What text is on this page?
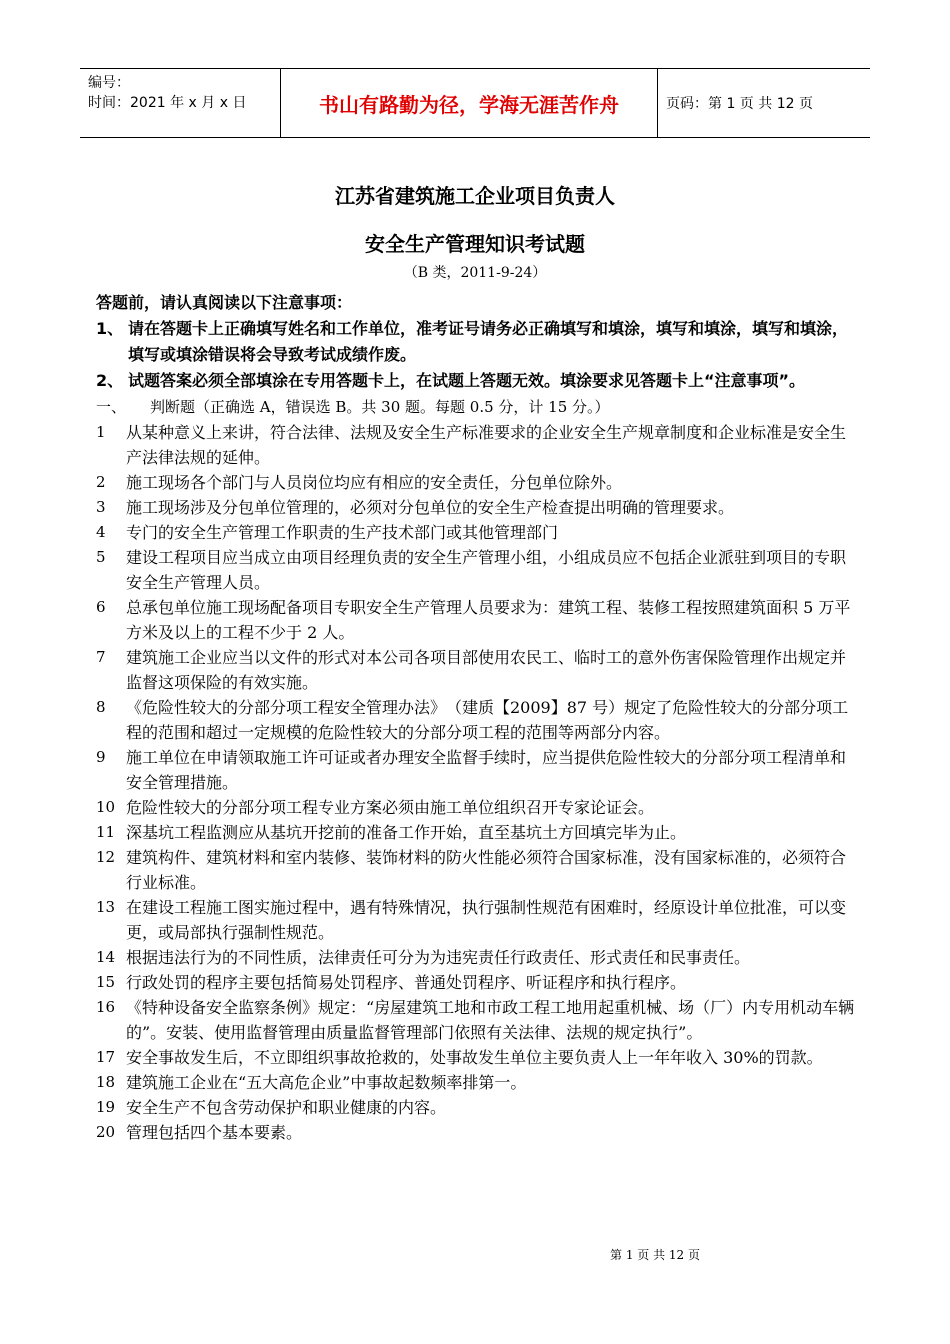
编号：
时间：2021 年 x 月 x 日	书山有路勤为径，学海无涯苦作舟	页码：第 1 页 共 12 页
江苏省建筑施工企业项目负责人
安全生产管理知识考试题
（B 类，2011-9-24）
答题前，请认真阅读以下注意事项：
1、 请在答题卡上正确填写姓名和工作单位，准考证号请务必正确填写和填涂，填写和填涂，填写和填涂，填写或填涂错误将会导致考试成绩作废。
2、 试题答案必须全部填涂在专用答题卡上，在试题上答题无效。填涂要求见答题卡上“注意事项”。
一、 判断题（正确选 A，错误选 B。共 30 题。每题 0.5 分，计 15 分。）
1 从某种意义上来讲，符合法律、法规及安全生产标准要求的企业安全生产规章制度和企业标准是安全生产法律法规的延伸。
2 施工现场各个部门与人员岗位均应有相应的安全责任，分包单位除外。
3 施工现场涉及分包单位管理的，必须对分包单位的安全生产检查提出明确的管理要求。
4 专门的安全生产管理工作职责的生产技术部门或其他管理部门
5 建设工程项目应当成立由项目经理负责的安全生产管理小组，小组成员应不包括企业派驻到项目的专职安全生产管理人员。
6 总承包单位施工现场配备项目专职安全生产管理人员要求为：建筑工程、装修工程按照建筑面积 5 万平方米及以上的工程不少于 2 人。
7 建筑施工企业应当以文件的形式对本公司各项目部使用农民工、临时工的意外伤害保险管理作出规定并监督这项保险的有效实施。
8 《危险性较大的分部分项工程安全管理办法》　（建质【2009】87 号）规定了危险性较大的分部分项工程的范围和超过一定规模的危险性较大的分部分项工程的范围等两部分内容。
9 施工单位在申请领取施工许可证或者办理安全监督手续时，应当提供危险性较大的分部分项工程清单和安全管理措施。
10 危险性较大的分部分项工程专业方案必须由施工单位组织召开专家论证会。
11 深基坑工程监测应从基坑开挖前的准备工作开始，直至基坑土方回填完毕为止。
12 建筑构件、建筑材料和室内装修、装饰材料的防火性能必须符合国家标准，没有国家标准的，必须符合行业标准。
13 在建设工程施工图实施过程中，遇有特殊情况，执行强制性规范有困难时，经原设计单位批准，可以变更，或局部执行强制性规范。
14 根据违法行为的不同性质，法律责任可分为为违宪责任行政责任、形式责任和民事责任。
15 行政处罚的程序主要包括简易处罚程序、普通处罚程序、听证程序和执行程序。
16 《特种设备安全监察条例》规定：“房屋建筑工地和市政工程工地用起重机械、场（厂）内专用机动车辆的”。安装、使用监督管理由质量监督管理部门依照有关法律、法规的规定执行”。
17 安全事故发生后，不立即组织事故抢救的，处事故发生单位主要负责人上一年年收入 30%的罚款。
18 建筑施工企业在“五大高危企业”中事故起数频率排第一。
19 安全生产不包含劳动保护和职业健康的内容。
20 管理包括四个基本要素。
第 1 页 共 12 页
